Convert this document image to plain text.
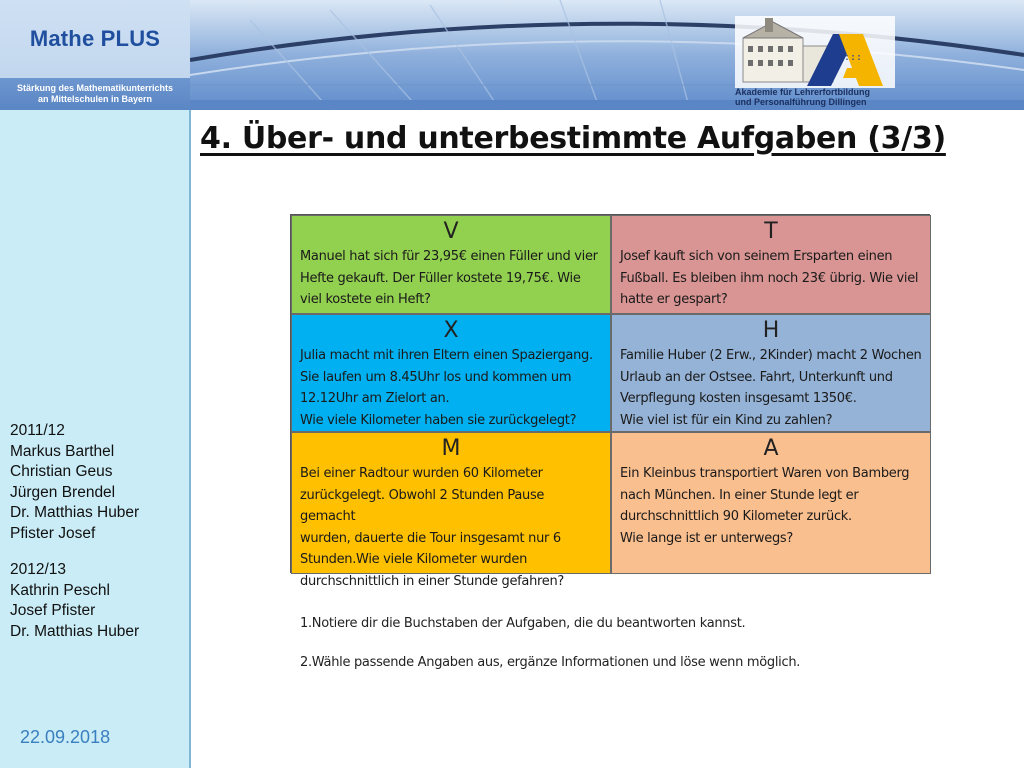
Mathe PLUS
Stärkung des Mathematikunterrichts
an Mittelschulen in Bayern
::::
Akademie für Lehrerfortbildung
und Personalführung Dillingen
2011/12
Markus Barthel
Christian Geus
Jürgen Brendel
Dr. Matthias Huber
Pfister Josef
2012/13
Kathrin Peschl
Josef Pfister
Dr. Matthias Huber
22.09.2018
4. Über- und unterbestimmte Aufgaben (3/3)
V
Manuel hat sich für 23,95€ einen Füller und vier
Hefte gekauft. Der Füller kostete 19,75€. Wie
viel kostete ein Heft?
T
Josef kauft sich von seinem Ersparten einen
Fußball. Es bleiben ihm noch 23€ übrig. Wie viel
hatte er gespart?
X
Julia macht mit ihren Eltern einen Spaziergang.
Sie laufen um 8.45Uhr los und kommen um
12.12Uhr am Zielort an.
Wie viele Kilometer haben sie zurückgelegt?
H
Familie Huber (2 Erw., 2Kinder) macht 2 Wochen
Urlaub an der Ostsee. Fahrt, Unterkunft und
Verpflegung kosten insgesamt 1350€.
Wie viel ist für ein Kind zu zahlen?
M
Bei einer Radtour wurden 60 Kilometer
zurückgelegt. Obwohl 2 Stunden Pause gemacht
wurden, dauerte die Tour insgesamt nur 6
Stunden.Wie viele Kilometer wurden
durchschnittlich in einer Stunde gefahren?
A
Ein Kleinbus transportiert Waren von Bamberg
nach München. In einer Stunde legt er
durchschnittlich 90 Kilometer zurück.
Wie lange ist er unterwegs?
1.Notiere dir die Buchstaben der Aufgaben, die du beantworten kannst.
2.Wähle passende Angaben aus, ergänze Informationen und löse wenn möglich.
